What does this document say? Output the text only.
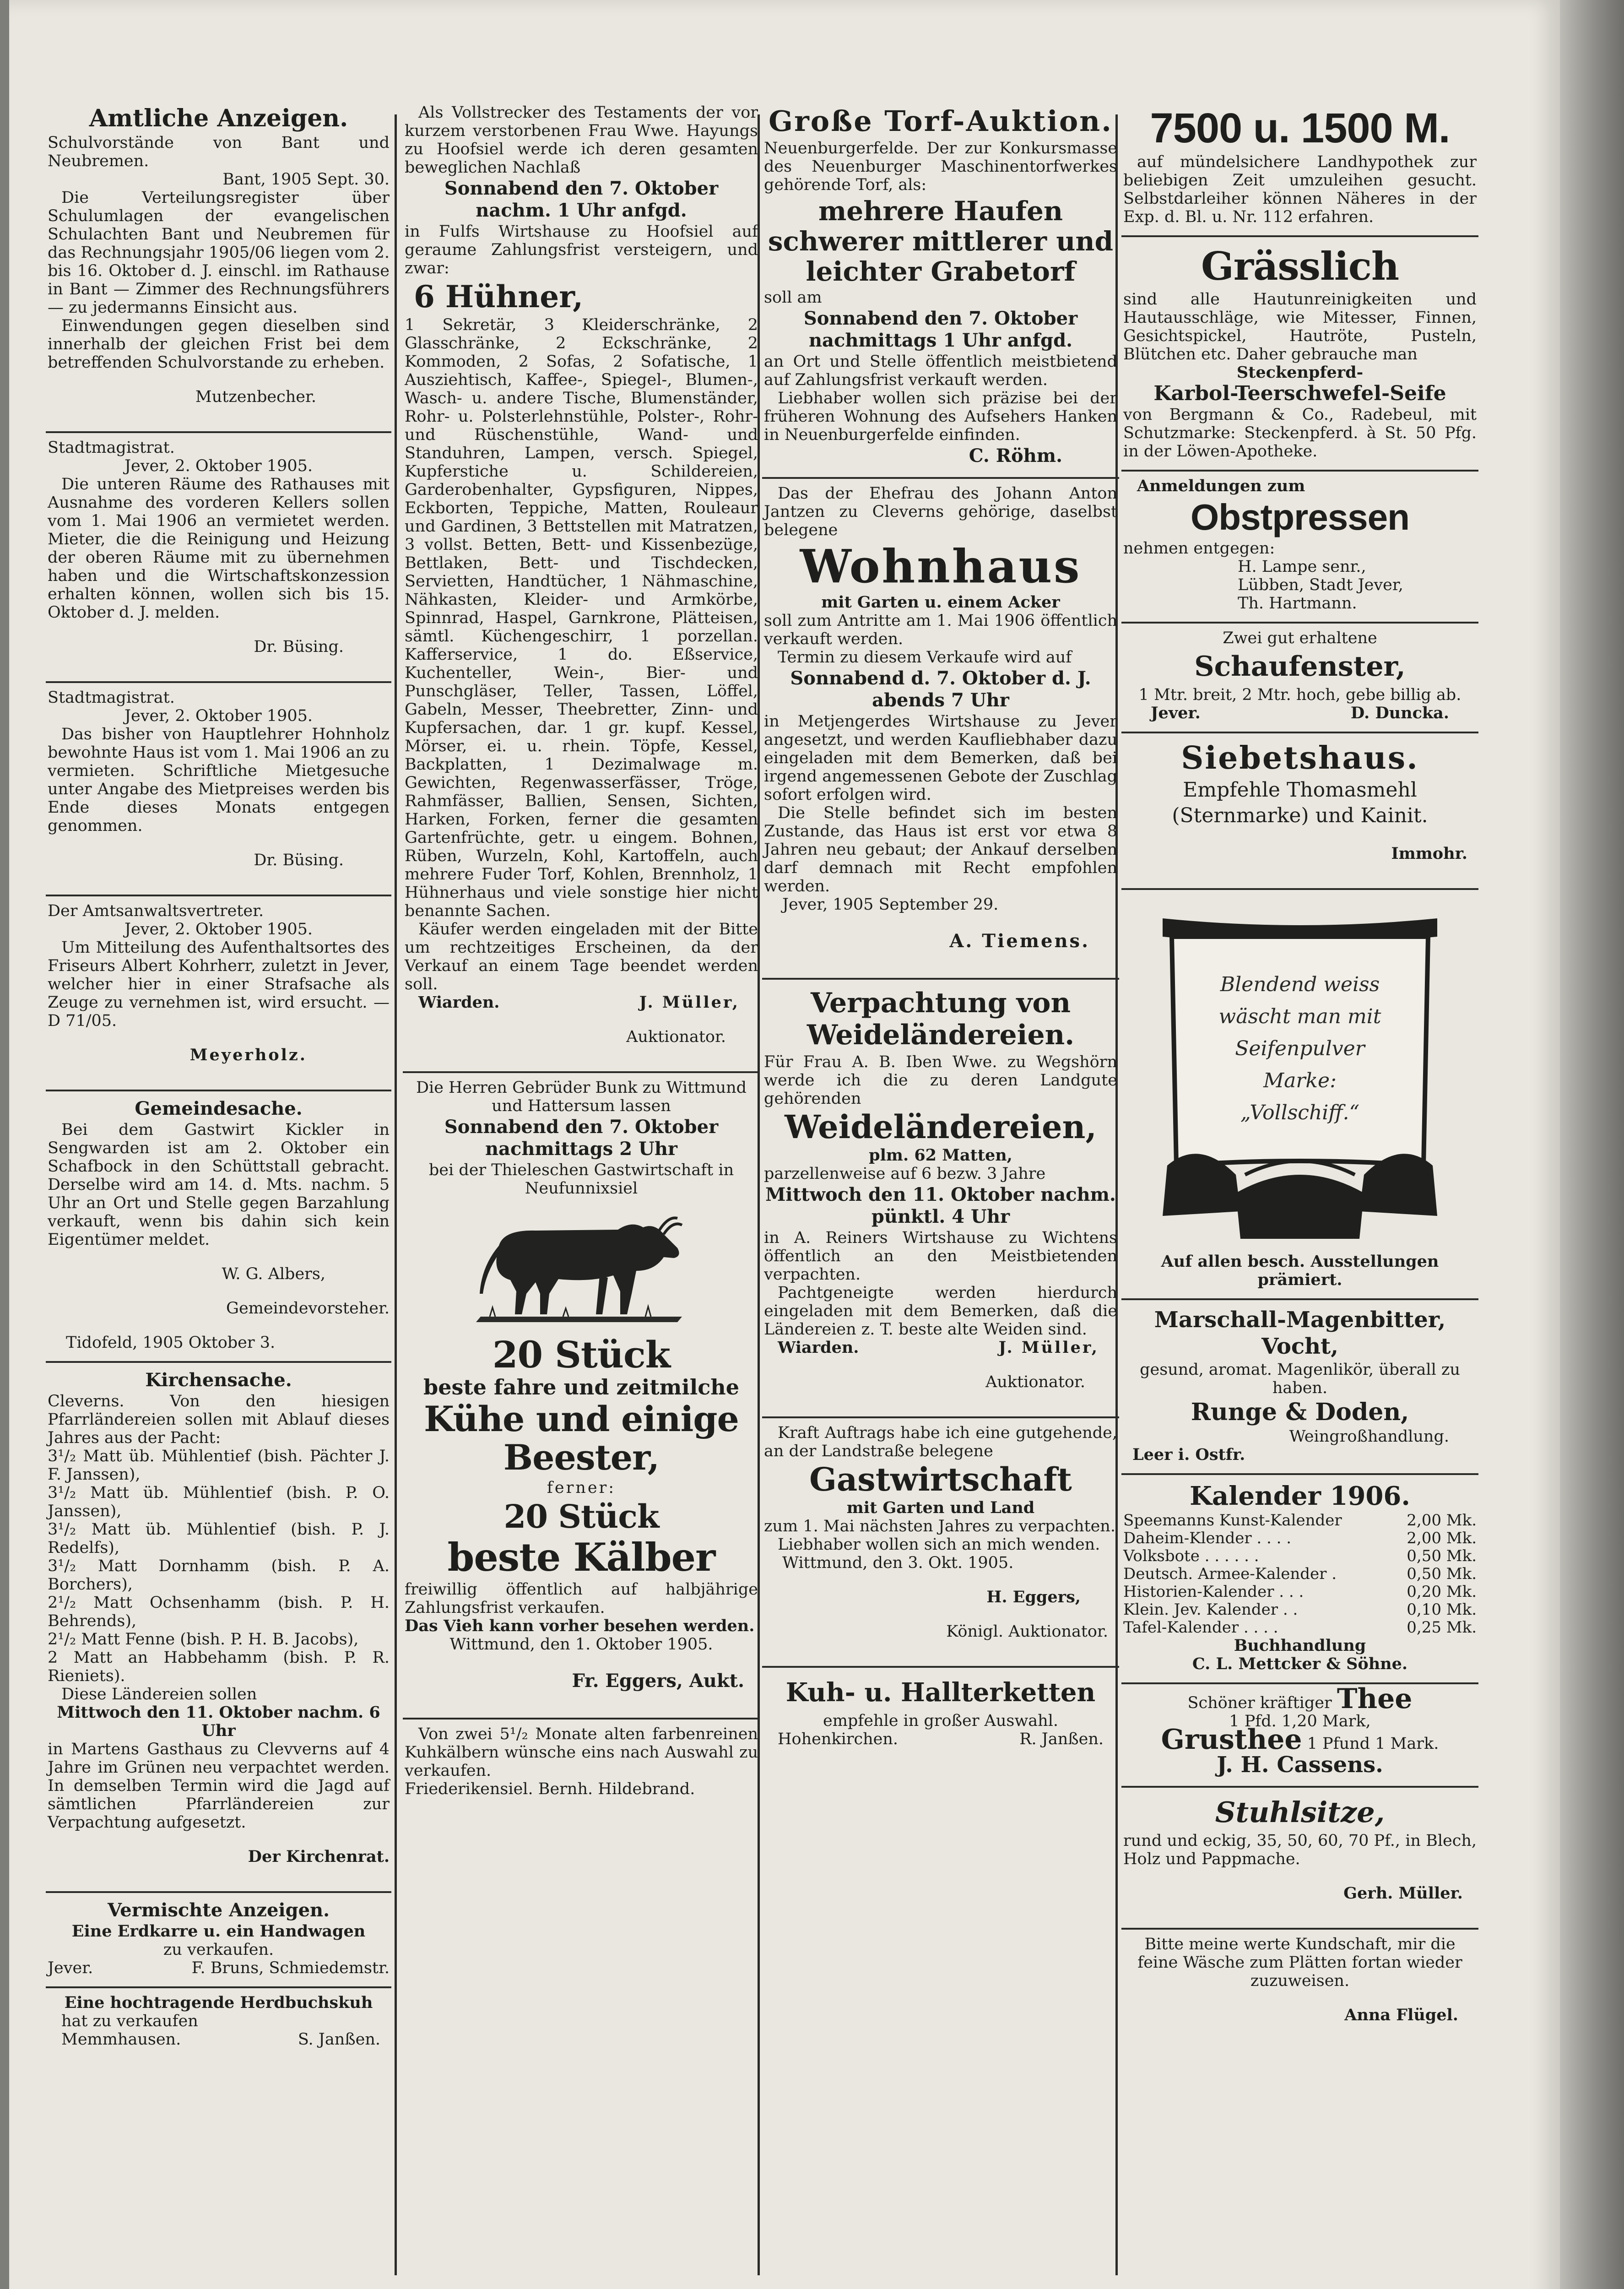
Amtliche Anzeigen.

Schulvorstände von Bant und Neubremen.

Bant, 1905 Sept. 30.

Die Verteilungsregister über Schulumlagen der evangelischen Schulachten Bant und Neubremen für das Rechnungsjahr 1905/06 liegen vom 2. bis 16. Oktober d. J. einschl. im Rathause in Bant — Zimmer des Rechnungsführers — zu jedermanns Einsicht aus.

Einwendungen gegen dieselben sind innerhalb der gleichen Frist bei dem betreffenden Schulvorstande zu erheben.

Mutzenbecher.

Stadtmagistrat.

Jever, 2. Oktober 1905.

Die unteren Räume des Rathauses mit Ausnahme des vorderen Kellers sollen vom 1. Mai 1906 an vermietet werden. Mieter, die die Reinigung und Heizung der oberen Räume mit zu übernehmen haben und die Wirtschaftskonzession erhalten können, wollen sich bis 15. Oktober d. J. melden.

Dr. Büsing.

Stadtmagistrat.

Jever, 2. Oktober 1905.

Das bisher von Hauptlehrer Hohnholz bewohnte Haus ist vom 1. Mai 1906 an zu vermieten. Schriftliche Mietgesuche unter Angabe des Mietpreises werden bis Ende dieses Monats entgegen genommen.

Dr. Büsing.

Der Amtsanwaltsvertreter.

Jever, 2. Oktober 1905.

Um Mitteilung des Aufenthaltsortes des Friseurs Albert Kohrherr, zuletzt in Jever, welcher hier in einer Strafsache als Zeuge zu vernehmen ist, wird ersucht. — D 71/05.

Meyerholz.

Gemeindesache.

Bei dem Gastwirt Kickler in Sengwarden ist am 2. Oktober ein Schafbock in den Schüttstall gebracht. Derselbe wird am 14. d. Mts. nachm. 5 Uhr an Ort und Stelle gegen Barzahlung verkauft, wenn bis dahin sich kein Eigentümer meldet.

W. G. Albers,

Gemeindevorsteher.

Tidofeld, 1905 Oktober 3.

Kirchensache.

Cleverns. Von den hiesigen Pfarrländereien sollen mit Ablauf dieses Jahres aus der Pacht:

3¹/₂ Matt üb. Mühlentief (bish. Pächter J. F. Janssen),

3¹/₂ Matt üb. Mühlentief (bish. P. O. Janssen),

3¹/₂ Matt üb. Mühlentief (bish. P. J. Redelfs),

3¹/₂ Matt Dornhamm (bish. P. A. Borchers),

2¹/₂ Matt Ochsenhamm (bish. P. H. Behrends),

2¹/₂ Matt Fenne (bish. P. H. B. Jacobs),

2 Matt an Habbehamm (bish. P. R. Rieniets).

Diese Ländereien sollen

Mittwoch den 11. Oktober nachm. 6 Uhr

in Martens Gasthaus zu Clevverns auf 4 Jahre im Grünen neu verpachtet werden. In demselben Termin wird die Jagd auf sämtlichen Pfarrländereien zur Verpachtung aufgesetzt.

Der Kirchenrat.

Vermischte Anzeigen.

Eine Erdkarre u. ein Handwagen

zu verkaufen.

Jever.	F. Bruns, Schmiedemstr.

Eine hochtragende Herdbuchskuh

hat zu verkaufen

Memmhausen.	S. Janßen.

Als Vollstrecker des Testaments der vor kurzem verstorbenen Frau Wwe. Hayungs zu Hoofsiel werde ich deren gesamten beweglichen Nachlaß

Sonnabend den 7. Oktober nachm. 1 Uhr anfgd.

in Fulfs Wirtshause zu Hoofsiel auf geraume Zahlungsfrist versteigern, und zwar:

6 Hühner,

1 Sekretär, 3 Kleiderschränke, 2 Glasschränke, 2 Eckschränke, 2 Kommoden, 2 Sofas, 2 Sofatische, 1 Ausziehtisch, Kaffee-, Spiegel-, Blumen-, Wasch- u. andere Tische, Blumenständer, Rohr- u. Polsterlehnstühle, Polster-, Rohr- und Rüschenstühle, Wand- und Standuhren, Lampen, versch. Spiegel, Kupferstiche u. Schildereien, Garderobenhalter, Gypsfiguren, Nippes, Eckborten, Teppiche, Matten, Rouleaur und Gardinen, 3 Bettstellen mit Matratzen, 3 vollst. Betten, Bett- und Kissenbezüge, Bettlaken, Bett- und Tischdecken, Servietten, Handtücher, 1 Nähmaschine, Nähkasten, Kleider- und Armkörbe, Spinnrad, Haspel, Garnkrone, Plätteisen, sämtl. Küchengeschirr, 1 porzellan. Kafferservice, 1 do. Eßservice, Kuchenteller, Wein-, Bier- und Punschgläser, Teller, Tassen, Löffel, Gabeln, Messer, Theebretter, Zinn- und Kupfersachen, dar. 1 gr. kupf. Kessel, Mörser, ei. u. rhein. Töpfe, Kessel, Backplatten, 1 Dezimalwage m. Gewichten, Regenwasserfässer, Tröge, Rahmfässer, Ballien, Sensen, Sichten, Harken, Forken, ferner die gesamten Gartenfrüchte, getr. u eingem. Bohnen, Rüben, Wurzeln, Kohl, Kartoffeln, auch mehrere Fuder Torf, Kohlen, Brennholz, 1 Hühnerhaus und viele sonstige hier nicht benannte Sachen.

Käufer werden eingeladen mit der Bitte um rechtzeitiges Erscheinen, da der Verkauf an einem Tage beendet werden soll.

Wiarden.	J. Müller,

Auktionator.

Die Herren Gebrüder Bunk zu Wittmund und Hattersum lassen

Sonnabend den 7. Oktober nachmittags 2 Uhr

bei der Thieleschen Gastwirtschaft in Neufunnixsiel

20 Stück

beste fahre und zeitmilche

Kühe und einige Beester,

ferner:

20 Stück

beste Kälber

freiwillig öffentlich auf halbjährige Zahlungsfrist verkaufen.

Das Vieh kann vorher besehen werden.

Wittmund, den 1. Oktober 1905.

Fr. Eggers, Aukt.

Von zwei 5¹/₂ Monate alten farbenreinen Kuhkälbern wünsche eins nach Auswahl zu verkaufen.

Friederikensiel. Bernh. Hildebrand.

Große Torf-Auktion.

Neuenburgerfelde. Der zur Konkursmasse des Neuenburger Maschinentorfwerkes gehörende Torf, als:

mehrere Haufen schwerer mittlerer und leichter Grabetorf

soll am

Sonnabend den 7. Oktober nachmittags 1 Uhr anfgd.

an Ort und Stelle öffentlich meistbietend auf Zahlungsfrist verkauft werden.

Liebhaber wollen sich präzise bei der früheren Wohnung des Aufsehers Hanken in Neuenburgerfelde einfinden.

C. Röhm.

Das der Ehefrau des Johann Anton Jantzen zu Cleverns gehörige, daselbst belegene

Wohnhaus

mit Garten u. einem Acker

soll zum Antritte am 1. Mai 1906 öffentlich verkauft werden.

Termin zu diesem Verkaufe wird auf

Sonnabend d. 7. Oktober d. J. abends 7 Uhr

in Metjengerdes Wirtshause zu Jever angesetzt, und werden Kaufliebhaber dazu eingeladen mit dem Bemerken, daß bei irgend angemessenen Gebote der Zuschlag sofort erfolgen wird.

Die Stelle befindet sich im besten Zustande, das Haus ist erst vor etwa 8 Jahren neu gebaut; der Ankauf derselben darf demnach mit Recht empfohlen werden.

Jever, 1905 September 29.

A. Tiemens.

Verpachtung von Weideländereien.

Für Frau A. B. Iben Wwe. zu Wegshörn werde ich die zu deren Landgute gehörenden

Weideländereien,

plm. 62 Matten,

parzellenweise auf 6 bezw. 3 Jahre

Mittwoch den 11. Oktober nachm. pünktl. 4 Uhr

in A. Reiners Wirtshause zu Wichtens öffentlich an den Meistbietenden verpachten.

Pachtgeneigte werden hierdurch eingeladen mit dem Bemerken, daß die Ländereien z. T. beste alte Weiden sind.

Wiarden.	J. Müller,

Auktionator.

Kraft Auftrags habe ich eine gutgehende, an der Landstraße belegene

Gastwirtschaft

mit Garten und Land

zum 1. Mai nächsten Jahres zu verpachten.

Liebhaber wollen sich an mich wenden.

Wittmund, den 3. Okt. 1905.

H. Eggers,

Königl. Auktionator.

Kuh- u. Hallterketten

empfehle in großer Auswahl.

Hohenkirchen.	R. Janßen.

7500 u. 1500 M.

auf mündelsichere Landhypothek zur beliebigen Zeit umzuleihen gesucht. Selbstdarleiher können Näheres in der Exp. d. Bl. u. Nr. 112 erfahren.

Grässlich

sind alle Hautunreinigkeiten und Hautausschläge, wie Mitesser, Finnen, Gesichtspickel, Hautröte, Pusteln, Blütchen etc. Daher gebrauche man

Steckenpferd-

Karbol-Teerschwefel-Seife

von Bergmann & Co., Radebeul, mit Schutzmarke: Steckenpferd. à St. 50 Pfg. in der Löwen-Apotheke.

Anmeldungen zum

Obstpressen

nehmen entgegen:

H. Lampe senr.,

Lübben, Stadt Jever,

Th. Hartmann.

Zwei gut erhaltene

Schaufenster,

1 Mtr. breit, 2 Mtr. hoch, gebe billig ab.

Jever.	D. Duncka.

Siebetshaus.

Empfehle Thomasmehl (Sternmarke) und Kainit.

Immohr.

Blendend weiss
wäscht man mit
Seifenpulver
Marke:
„Vollschiff.“

Auf allen besch. Ausstellungen prämiert.

Marschall-Magenbitter, Vocht,

gesund, aromat. Magenlikör, überall zu haben.

Runge & Doden,

Weingroßhandlung.

Leer i. Ostfr.

Kalender 1906.

Speemanns Kunst-Kalender	2,00 Mk.
Daheim-Klender . . . .	2,00 Mk.
Volksbote . . . . . .	0,50 Mk.
Deutsch. Armee-Kalender .	0,50 Mk.
Historien-Kalender . . .	0,20 Mk.
Klein. Jev. Kalender . .	0,10 Mk.
Tafel-Kalender . . . .	0,25 Mk.

Buchhandlung

C. L. Mettcker & Söhne.

Schöner kräftiger Thee

1 Pfd. 1,20 Mark,

Grusthee 1 Pfund 1 Mark.

J. H. Cassens.

Stuhlsitze,

rund und eckig, 35, 50, 60, 70 Pf., in Blech, Holz und Pappmache.

Gerh. Müller.

Bitte meine werte Kundschaft, mir die feine Wäsche zum Plätten fortan wieder zuzuweisen.

Anna Flügel.
